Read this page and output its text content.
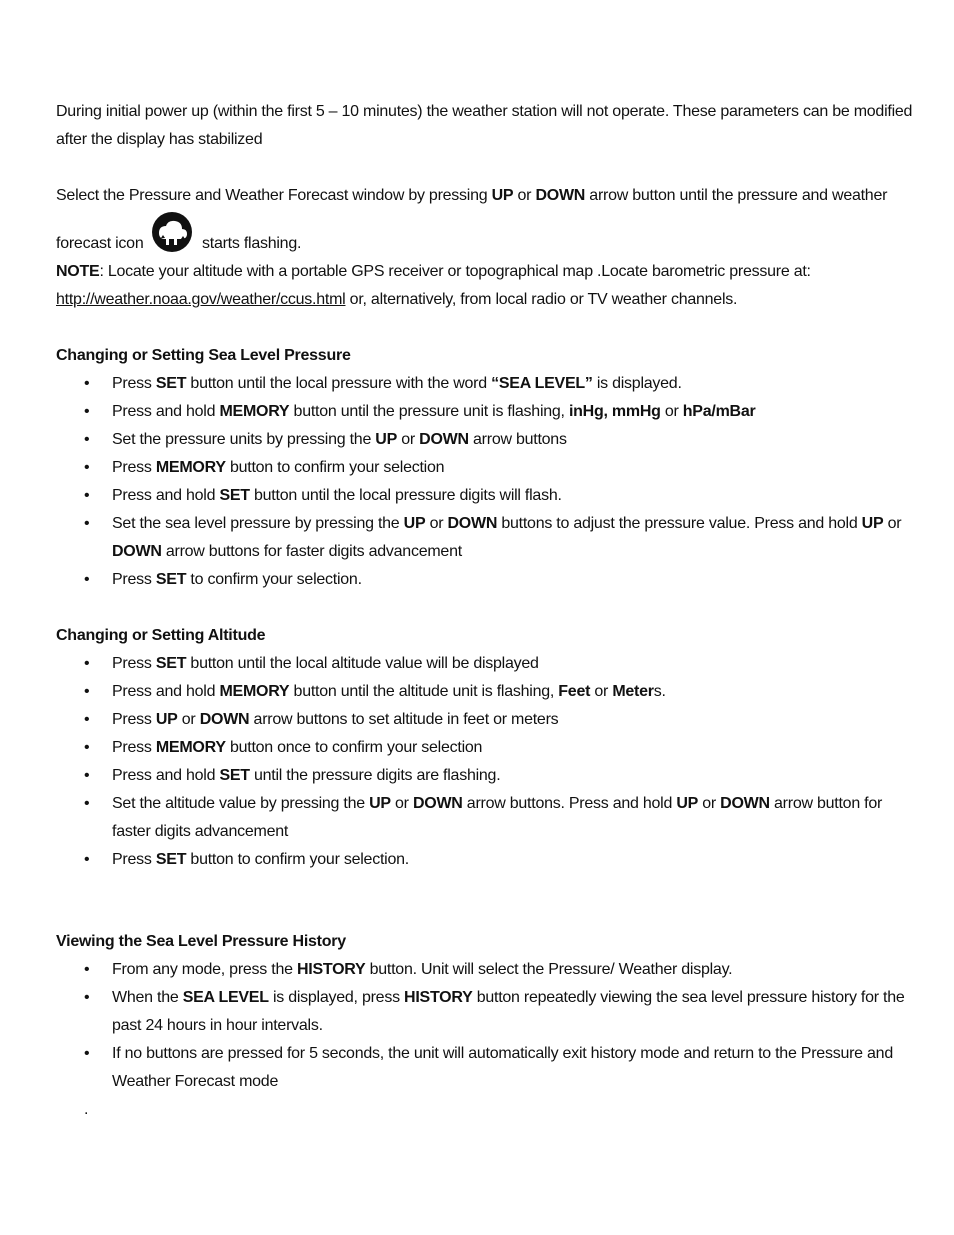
During initial power up (within the first 5 – 10 minutes) the weather station will not operate. These parameters can be modified after the display has stabilized

Select the Pressure and Weather Forecast window by pressing UP or DOWN arrow button until the pressure and weather

forecast icon	starts flashing.

NOTE: Locate your altitude with a portable GPS receiver or topographical map .Locate barometric pressure at:
http://weather.noaa.gov/weather/ccus.html or, alternatively, from local radio or TV weather channels.

Changing or Setting Sea Level Pressure

• Press SET button until the local pressure with the word “SEA LEVEL” is displayed.
• Press and hold MEMORY button until the pressure unit is flashing, inHg, mmHg or hPa/mBar
• Set the pressure units by pressing the UP or DOWN arrow buttons
• Press MEMORY button to confirm your selection
• Press and hold SET button until the local pressure digits will flash.
• Set the sea level pressure by pressing the UP or DOWN buttons to adjust the pressure value. Press and hold UP or DOWN arrow buttons for faster digits advancement
• Press SET to confirm your selection.

Changing or Setting Altitude

• Press SET button until the local altitude value will be displayed
• Press and hold MEMORY button until the altitude unit is flashing, Feet or Meters.
• Press UP or DOWN arrow buttons to set altitude in feet or meters
• Press MEMORY button once to confirm your selection
• Press and hold SET until the pressure digits are flashing.
• Set the altitude value by pressing the UP or DOWN arrow buttons. Press and hold UP or DOWN arrow button for faster digits advancement
• Press SET button to confirm your selection.

Viewing the Sea Level Pressure History

• From any mode, press the HISTORY button. Unit will select the Pressure/ Weather display.
• When the SEA LEVEL is displayed, press HISTORY button repeatedly viewing the sea level pressure history for the past 24 hours in hour intervals.
• If no buttons are pressed for 5 seconds, the unit will automatically exit history mode and return to the Pressure and Weather Forecast mode

.
